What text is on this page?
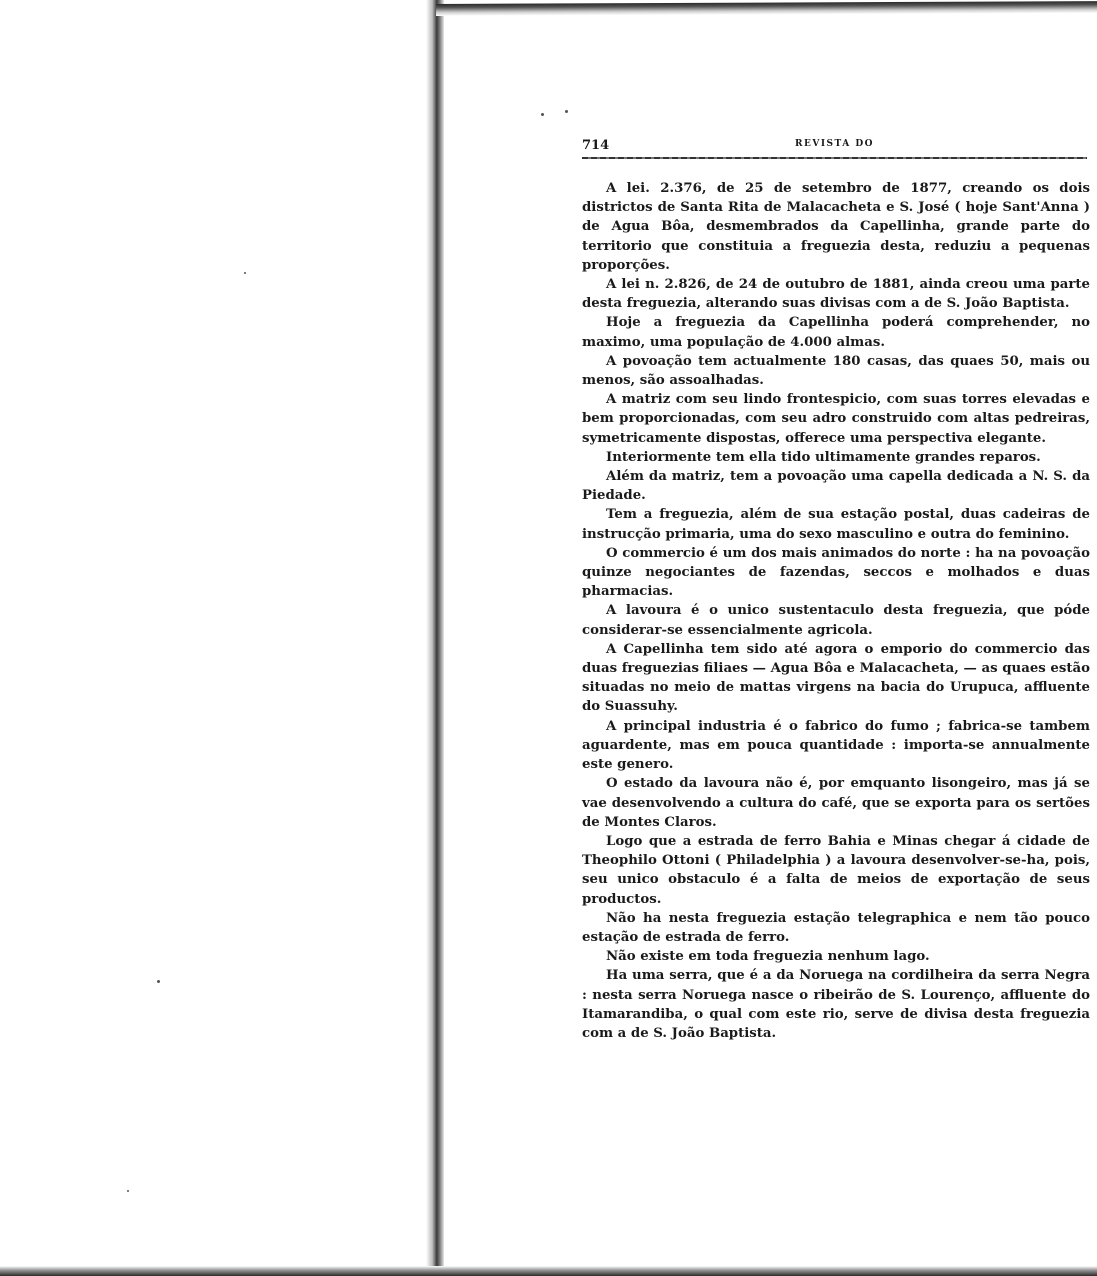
714	REVISTA DO

A lei. 2.376, de 25 de setembro de 1877, creando os dois districtos de Santa Rita de Malacacheta e S. José ( hoje Sant'Anna ) de Agua Bôa, desmembrados da Capellinha, grande parte do territorio que constituia a freguezia desta, reduziu a pequenas proporções.

A lei n. 2.826, de 24 de outubro de 1881, ainda creou uma parte desta freguezia, alterando suas divisas com a de S. João Baptista.

Hoje a freguezia da Capellinha poderá comprehender, no maximo, uma população de 4.000 almas.

A povoação tem actualmente 180 casas, das quaes 50, mais ou menos, são assoalhadas.

A matriz com seu lindo frontespicio, com suas torres elevadas e bem proporcionadas, com seu adro construido com altas pedreiras, symetricamente dispostas, offerece uma perspectiva elegante.

Interiormente tem ella tido ultimamente grandes reparos.

Além da matriz, tem a povoação uma capella dedicada a N. S. da Piedade.

Tem a freguezia, além de sua estação postal, duas cadeiras de instrucção primaria, uma do sexo masculino e outra do feminino.

O commercio é um dos mais animados do norte : ha na povoação quinze negociantes de fazendas, seccos e molhados e duas pharmacias.

A lavoura é o unico sustentaculo desta freguezia, que póde considerar-se essencialmente agricola.

A Capellinha tem sido até agora o emporio do commercio das duas freguezias filiaes — Agua Bôa e Malacacheta, — as quaes estão situadas no meio de mattas virgens na bacia do Urupuca, affluente do Suassuhy.

A principal industria é o fabrico do fumo ; fabrica-se tambem aguardente, mas em pouca quantidade : importa-se annualmente este genero.

O estado da lavoura não é, por emquanto lisongeiro, mas já se vae desenvolvendo a cultura do café, que se exporta para os sertões de Montes Claros.

Logo que a estrada de ferro Bahia e Minas chegar á cidade de Theophilo Ottoni ( Philadelphia ) a lavoura desenvolver-se-ha, pois, seu unico obstaculo é a falta de meios de exportação de seus productos.

Não ha nesta freguezia estação telegraphica e nem tão pouco estação de estrada de ferro.

Não existe em toda freguezia nenhum lago.

Ha uma serra, que é a da Noruega na cordilheira da serra Negra : nesta serra Noruega nasce o ribeirão de S. Lourenço, affluente do Itamarandiba, o qual com este rio, serve de divisa desta freguezia com a de S. João Baptista.
